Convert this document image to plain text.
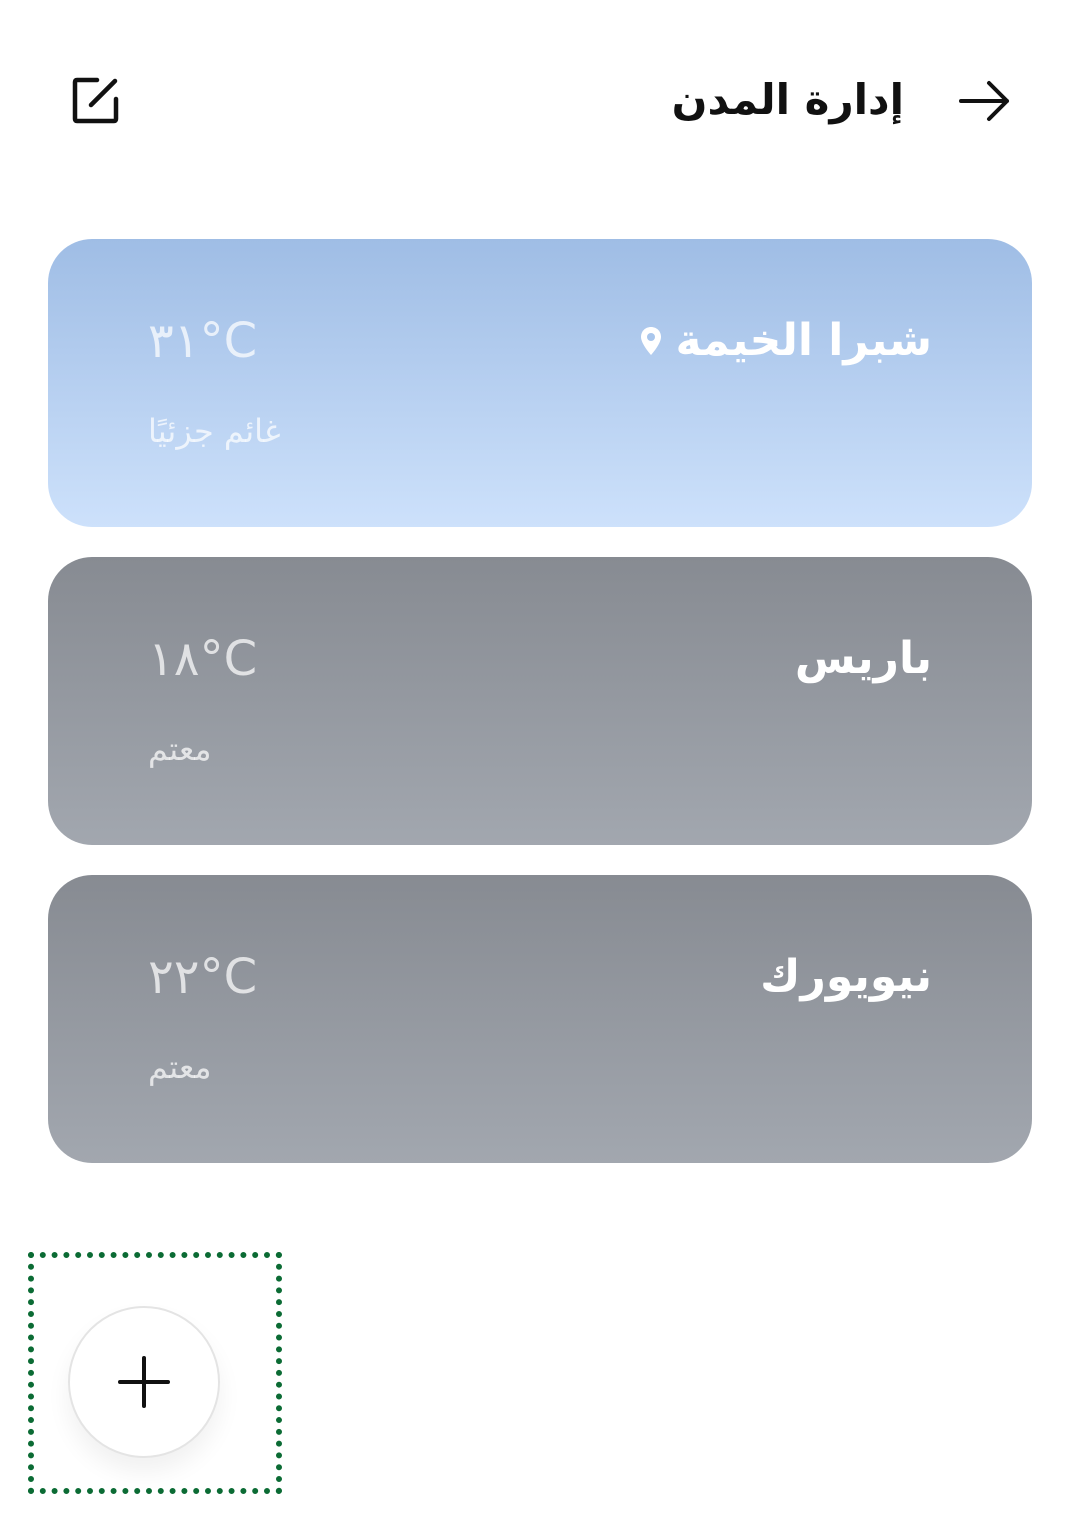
إدارة المدن
شبرا الخيمة
٣١°C
غائم جزئيًا
باريس
١٨°C
معتم
نيويورك
٢٢°C
معتم
